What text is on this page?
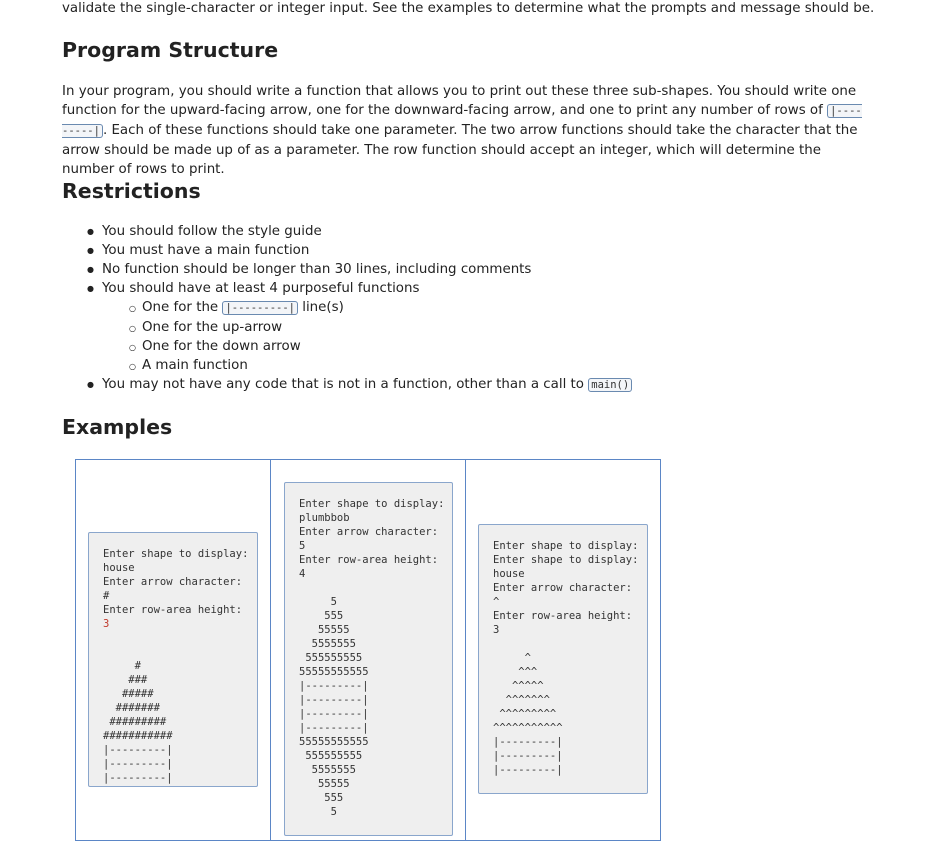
validate the single-character or integer input. See the examples to determine what the prompts and message should be.

Program Structure

In your program, you should write a function that allows you to print out these three sub-shapes. You should write one function for the upward-facing arrow, one for the downward-facing arrow, and one to print any number of rows of |---------| . Each of these functions should take one parameter. The two arrow functions should take the character that the arrow should be made up of as a parameter. The row function should accept an integer, which will determine the number of rows to print.

Restrictions
● You should follow the style guide
● You must have a main function
● No function should be longer than 30 lines, including comments
● You should have at least 4 purposeful functions
○ One for the |---------| line(s)
○ One for the up-arrow
○ One for the down arrow
○ A main function
● You may not have any code that is not in a function, other than a call to main()
Examples
Enter shape to display:
house
Enter arrow character:
#
Enter row-area height:
3

#
###
#####
#######
#########
###########
|---------|
|---------|
|---------|

Enter shape to display:
plumbbob
Enter arrow character:
5
Enter row-area height:
4

5
555
55555
5555555
555555555
55555555555
|---------|
|---------|
|---------|
|---------|
55555555555
555555555
5555555
55555
555
5

Enter shape to display:
Enter shape to display:
house
Enter arrow character:
^
Enter row-area height:
3

^
^^^
^^^^^
^^^^^^^
^^^^^^^^^
^^^^^^^^^^^
|---------|
|---------|
|---------|
